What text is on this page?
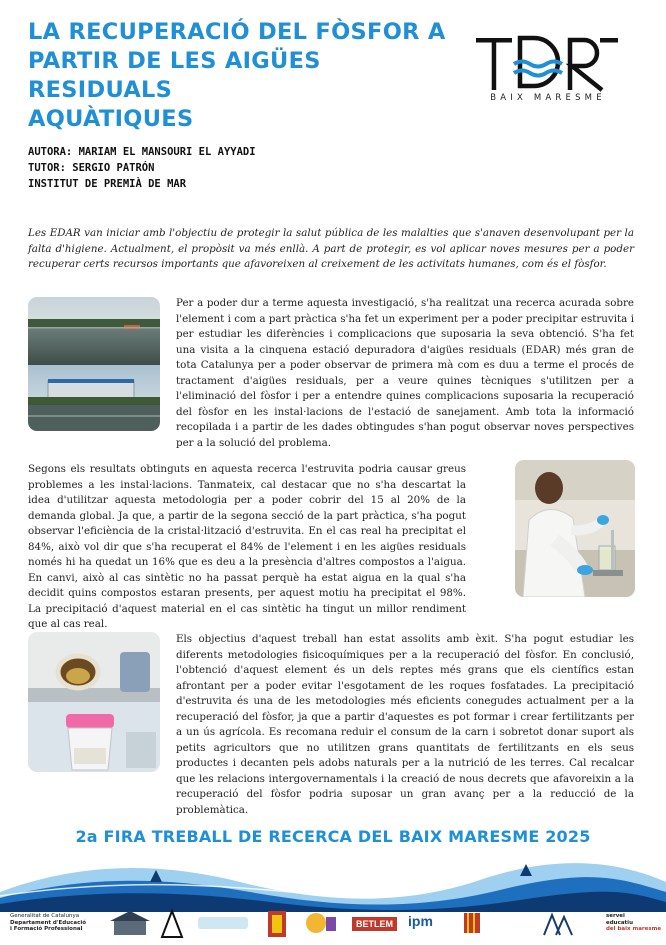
LA RECUPERACIÓ DEL FÒSFOR A
PARTIR DE LES AIGÜES RESIDUALS
AQUÀTIQUES
BAIX MARESME
AUTORA: MARIAM EL MANSOURI EL AYYADI
TUTOR: SERGIO PATRÓN
INSTITUT DE PREMIÀ DE MAR

Les EDAR van iniciar amb l'objectiu de protegir la salut pública de les malalties que s'anaven desenvolupant per la falta d'higiene. Actualment, el propòsit va més enllà. A part de protegir, es vol aplicar noves mesures per a poder recuperar certs recursos importants que afavoreixen al creixement de les activitats humanes, com és el fòsfor.

Per a poder dur a terme aquesta investigació, s'ha realitzat una recerca acurada sobre l'element i com a part pràctica s'ha fet un experiment per a poder precipitar estruvita i per estudiar les diferències i complicacions que suposaria la seva obtenció. S'ha fet una visita a la cinquena estació depuradora d'aigües residuals (EDAR) més gran de tota Catalunya per a poder observar de primera mà com es duu a terme el procés de tractament d'aigües residuals, per a veure quines tècniques s'utilitzen per a l'eliminació del fòsfor i per a entendre quines complicacions suposaria la recuperació del fòsfor en les instal·lacions de l'estació de sanejament. Amb tota la informació recopilada i a partir de les dades obtingudes s'han pogut observar noves perspectives per a la solució del problema.

Segons els resultats obtinguts en aquesta recerca l'estruvita podria causar greus problemes a les instal·lacions. Tanmateix, cal destacar que no s'ha descartat la idea d'utilitzar aquesta metodologia per a poder cobrir del 15 al 20% de la demanda global. Ja que, a partir de la segona secció de la part pràctica, s'ha pogut observar l'eficiència de la cristal·lització d'estruvita. En el cas real ha precipitat el 84%, això vol dir que s'ha recuperat el 84% de l'element i en les aigües residuals només hi ha quedat un 16% que es deu a la presència d'altres compostos a l'aigua. En canvi, això al cas sintètic no ha passat perquè ha estat aigua en la qual s'ha decidit quins compostos estaran presents, per aquest motiu ha precipitat el 98%. La precipitació d'aquest material en el cas sintètic ha tingut un millor rendiment que al cas real.

Els objectius d'aquest treball han estat assolits amb èxit. S'ha pogut estudiar les diferents metodologies fisicoquímiques per a la recuperació del fòsfor. En conclusió, l'obtenció d'aquest element és un dels reptes més grans que els científics estan afrontant per a poder evitar l'esgotament de les roques fosfatades. La precipitació d'estruvita és una de les metodologies més eficients conegudes actualment per a la recuperació del fòsfor, ja que a partir d'aquestes es pot formar i crear fertilitzants per a un ús agrícola. Es recomana reduir el consum de la carn i sobretot donar suport als petits agricultors que no utilitzen grans quantitats de fertilitzants en els seus productes i decanten pels adobs naturals per a la nutrició de les terres. Cal recalcar que les relacions intergovernamentals i la creació de nous decrets que afavoreixin a la recuperació del fòsfor podria suposar un gran avanç per a la reducció de la problemàtica.

2a FIRA TREBALL DE RECERCA DEL BAIX MARESME 2025
Generalitat de Catalunya
Departament d'Educació
i Formació Professional	BETLEM ipm	servei
educatiu
del baix maresme
